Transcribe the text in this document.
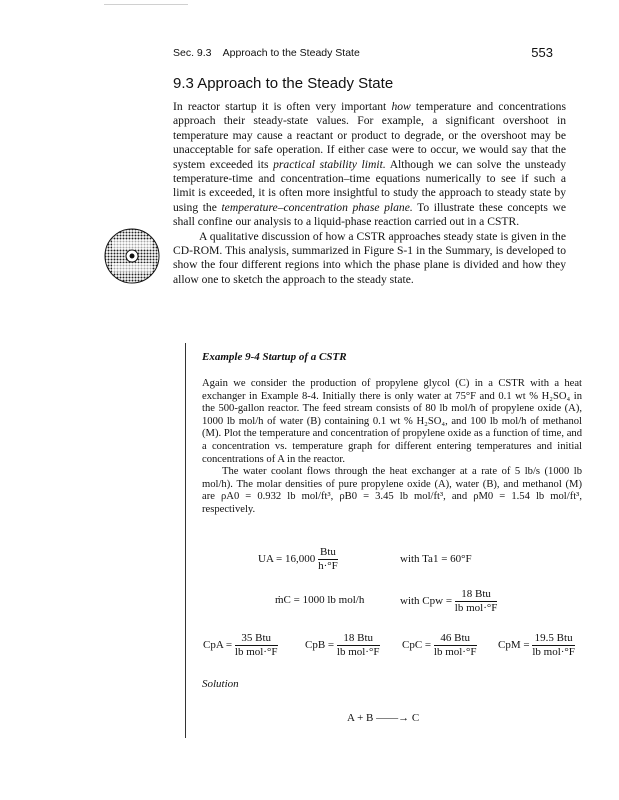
Sec. 9.3 Approach to the Steady State	553
9.3 Approach to the Steady State

In reactor startup it is often very important how temperature and concentrations approach their steady-state values. For example, a significant overshoot in temperature may cause a reactant or product to degrade, or the overshoot may be unacceptable for safe operation. If either case were to occur, we would say that the system exceeded its practical stability limit. Although we can solve the unsteady temperature-time and concentration–time equations numerically to see if such a limit is exceeded, it is often more insightful to study the approach to steady state by using the temperature–concentration phase plane. To illustrate these concepts we shall confine our analysis to a liquid-phase reaction carried out in a CSTR.

A qualitative discussion of how a CSTR approaches steady state is given in the CD-ROM. This analysis, summarized in Figure S-1 in the Summary, is developed to show the four different regions into which the phase plane is divided and how they allow one to sketch the approach to the steady state.

Example 9-4 Startup of a CSTR

Again we consider the production of propylene glycol (C) in a CSTR with a heat exchanger in Example 8-4. Initially there is only water at 75°F and 0.1 wt % H₂SO₄ in the 500-gallon reactor. The feed stream consists of 80 lb mol/h of propylene oxide (A), 1000 lb mol/h of water (B) containing 0.1 wt % H₂SO₄, and 100 lb mol/h of methanol (M). Plot the temperature and concentration of propylene oxide as a function of time, and a concentration vs. temperature graph for different entering temperatures and initial concentrations of A in the reactor.

The water coolant flows through the heat exchanger at a rate of 5 lb/s (1000 lb mol/h). The molar densities of pure propylene oxide (A), water (B), and methanol (M) are ρA0 = 0.932 lb mol/ft³, ρB0 = 3.45 lb mol/ft³, and ρM0 = 1.54 lb mol/ft³, respectively.

UA = $16,000 \frac{\text{Btu}}{h\cdot^\circ F}$	with Ta1 = 60°F
ṁC = 1000 lb mol/h	with Cpw = $\frac{\text{18 Btu}}{\text{lb mol·°F}}$
CpA = $\frac{\text{35 Btu}}{\text{lb mol·°F}}$	CpB = $\frac{\text{18 Btu}}{\text{lb mol·°F}}$ CpC = $\frac{\text{46 Btu}}{\text{lb mol·°F}}$ CpM = $\frac{\text{19.5 Btu}}{\text{lb mol·°F}}$
Solution
A + B ——→ C
